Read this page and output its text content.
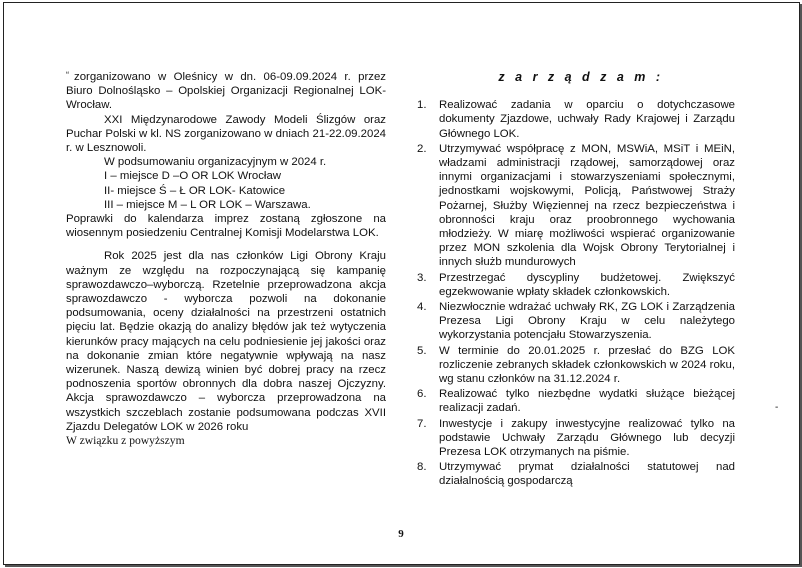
“ zorganizowano w Oleśnicy w dn. 06-09.09.2024 r. przez Biuro Dolnośląsko – Opolskiej Organizacji Regionalnej LOK-Wrocław.

XXI Międzynarodowe Zawody Modeli Ślizgów oraz Puchar Polski w kl. NS zorganizowano w dniach 21-22.09.2024 r. w Lesznowoli.

W podsumowaniu organizacyjnym w 2024 r.

I – miejsce D –O OR LOK Wrocław

II- miejsce Ś – Ł OR LOK- Katowice

III – miejsce M – L OR LOK – Warszawa.

Poprawki do kalendarza imprez zostaną zgłoszone na wiosennym posiedzeniu Centralnej Komisji Modelarstwa LOK.

Rok 2025 jest dla nas członków Ligi Obrony Kraju ważnym ze względu na rozpoczynającą się kampanię sprawozdawczo–wyborczą. Rzetelnie przeprowadzona akcja sprawozdawczo - wyborcza pozwoli na dokonanie podsumowania, oceny działalności na przestrzeni ostatnich pięciu lat. Będzie okazją do analizy błędów jak też wytyczenia kierunków pracy mających na celu podniesienie jej jakości oraz na dokonanie zmian które negatywnie wpływają na nasz wizerunek. Naszą dewizą winien być dobrej pracy na rzecz podnoszenia sportów obronnych dla dobra naszej Ojczyzny. Akcja sprawozdawczo – wyborcza przeprowadzona na wszystkich szczeblach zostanie podsumowana podczas XVII Zjazdu Delegatów LOK w 2026 roku

W związku z powyższym

z a r z ą d z a m :

1.	Realizować zadania w oparciu o dotychczasowe dokumenty Zjazdowe, uchwały Rady Krajowej i Zarządu Głównego LOK.
2.	Utrzymywać współpracę z MON, MSWiA, MSiT i MEiN, władzami administracji rządowej, samorządowej oraz innymi organizacjami i stowarzyszeniami społecznymi, jednostkami wojskowymi, Policją, Państwowej Straży Pożarnej, Służby Więziennej na rzecz bezpieczeństwa i obronności kraju oraz proobronnego wychowania młodzieży. W miarę możliwości wspierać organizowanie przez MON szkolenia dla Wojsk Obrony Terytorialnej i innych służb mundurowych
3.	Przestrzegać dyscypliny budżetowej. Zwiększyć egzekwowanie wpłaty składek członkowskich.
4.	Niezwłocznie wdrażać uchwały RK, ZG LOK i Zarządzenia Prezesa Ligi Obrony Kraju w celu należytego wykorzystania potencjału Stowarzyszenia.
5.	W terminie do 20.01.2025 r. przesłać do BZG LOK rozliczenie zebranych składek członkowskich w 2024 roku, wg stanu członków na 31.12.2024 r.
6.	Realizować tylko niezbędne wydatki służące bieżącej realizacji zadań.
7.	Inwestycje i zakupy inwestycyjne realizować tylko na podstawie Uchwały Zarządu Głównego lub decyzji Prezesa LOK otrzymanych na piśmie.
8.	Utrzymywać prymat działalności statutowej nad działalnością gospodarczą
-
9
